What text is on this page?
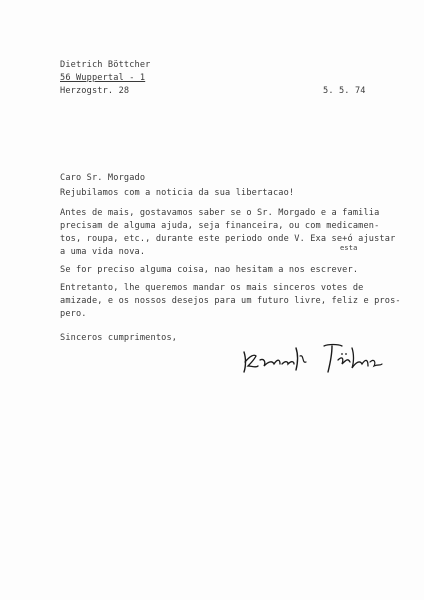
Dietrich Böttcher
56 Wuppertal - 1
Herzogstr. 28	5. 5. 74
Caro Sr. Morgado
Rejubilamos com a noticia da sua libertacao!
Antes de mais, gostavamos saber se o Sr. Morgado e a familia
precisam de alguma ajuda, seja financeira, ou com medicamen-
tos, roupa, etc., durante este periodo onde V. Exa se+ó ajustar
esta
a uma vida nova.
Se for preciso alguma coisa, nao hesitam a nos escrever.
Entretanto, lhe queremos mandar os mais sinceros votes de
amizade, e os nossos desejos para um futuro livre, feliz e pros-
pero.
Sinceros cumprimentos,
